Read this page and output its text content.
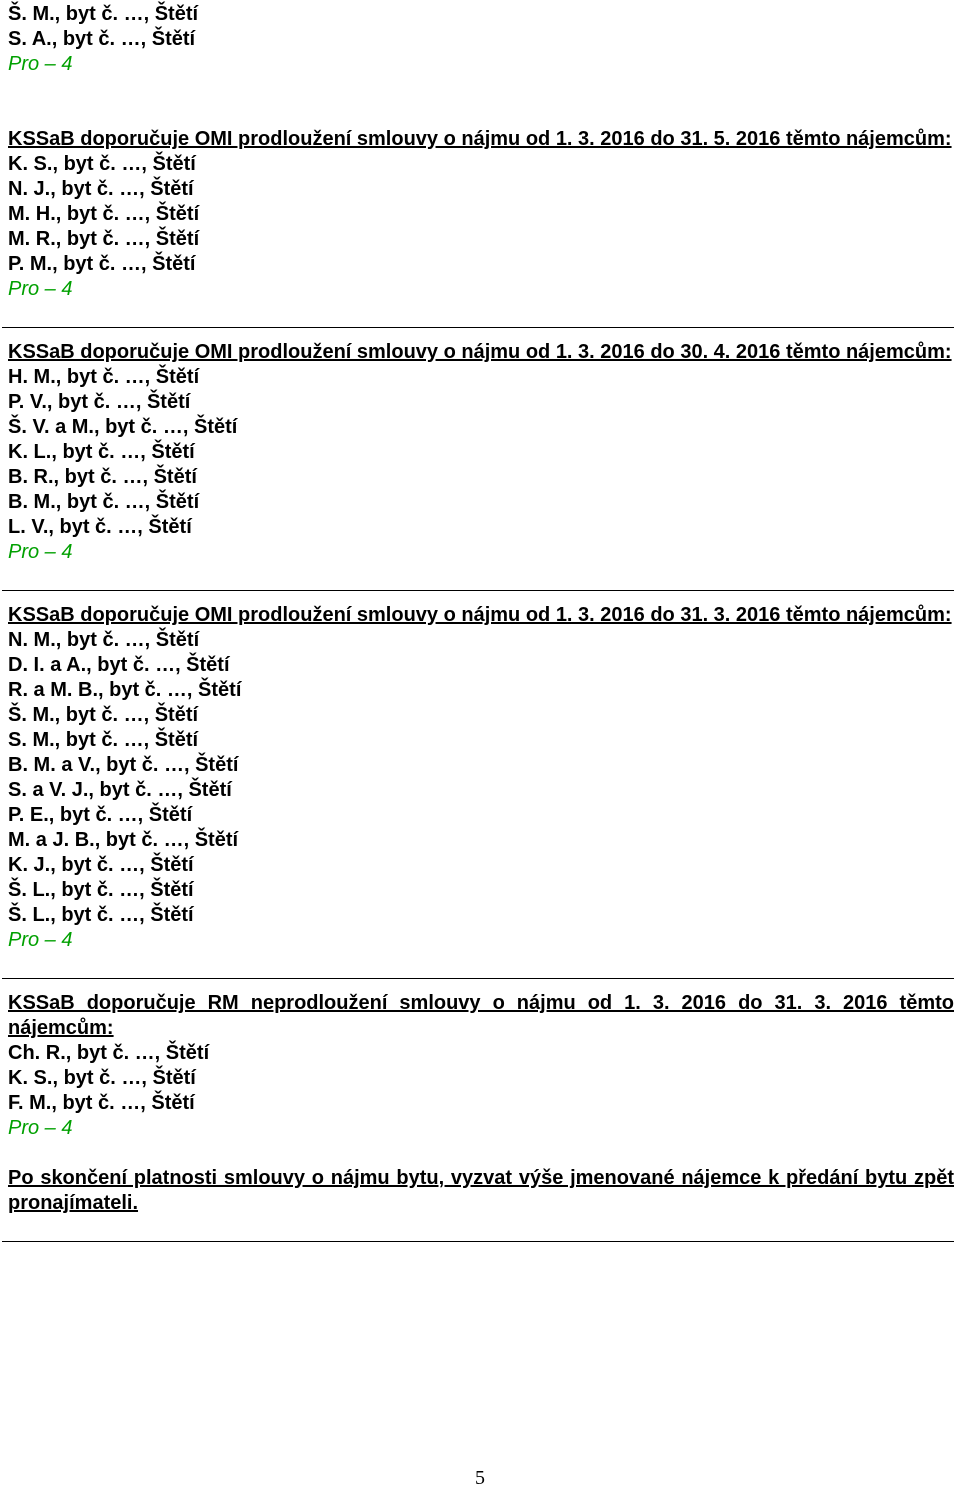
Š. M., byt č. …, Štětí
S. A., byt č. …, Štětí
Pro – 4
KSSaB doporučuje OMI prodloužení smlouvy o nájmu od 1. 3. 2016 do 31. 5. 2016 těmto nájemcům:
K. S., byt č. …, Štětí
N. J., byt č. …, Štětí
M. H., byt č. …, Štětí
M. R., byt č. …, Štětí
P. M., byt č. …, Štětí
Pro – 4
KSSaB doporučuje OMI prodloužení smlouvy o nájmu od 1. 3. 2016 do 30. 4. 2016 těmto nájemcům:
H. M., byt č. …, Štětí
P. V., byt č. …, Štětí
Š. V. a M., byt č. …, Štětí
K. L., byt č. …, Štětí
B. R., byt č. …, Štětí
B. M., byt č. …, Štětí
L. V., byt č. …, Štětí
Pro – 4
KSSaB doporučuje OMI prodloužení smlouvy o nájmu od 1. 3. 2016 do 31. 3. 2016 těmto nájemcům:
N. M., byt č. …, Štětí
D. I. a A., byt č. …, Štětí
R. a M. B., byt č. …, Štětí
Š. M., byt č. …, Štětí
S. M., byt č. …, Štětí
B. M. a V., byt č. …, Štětí
S. a V. J., byt č. …, Štětí
P. E., byt č. …, Štětí
M. a J. B., byt č. …, Štětí
K. J., byt č. …, Štětí
Š. L., byt č. …, Štětí
Š. L., byt č. …, Štětí
Pro – 4
KSSaB doporučuje RM neprodloužení smlouvy o nájmu od 1. 3. 2016 do 31. 3. 2016 těmto nájemcům:
Ch. R., byt č. …, Štětí
K. S., byt č. …, Štětí
F. M., byt č. …, Štětí
Pro – 4
Po skončení platnosti smlouvy o nájmu bytu, vyzvat výše jmenované nájemce k předání bytu zpět pronajímateli.
5
